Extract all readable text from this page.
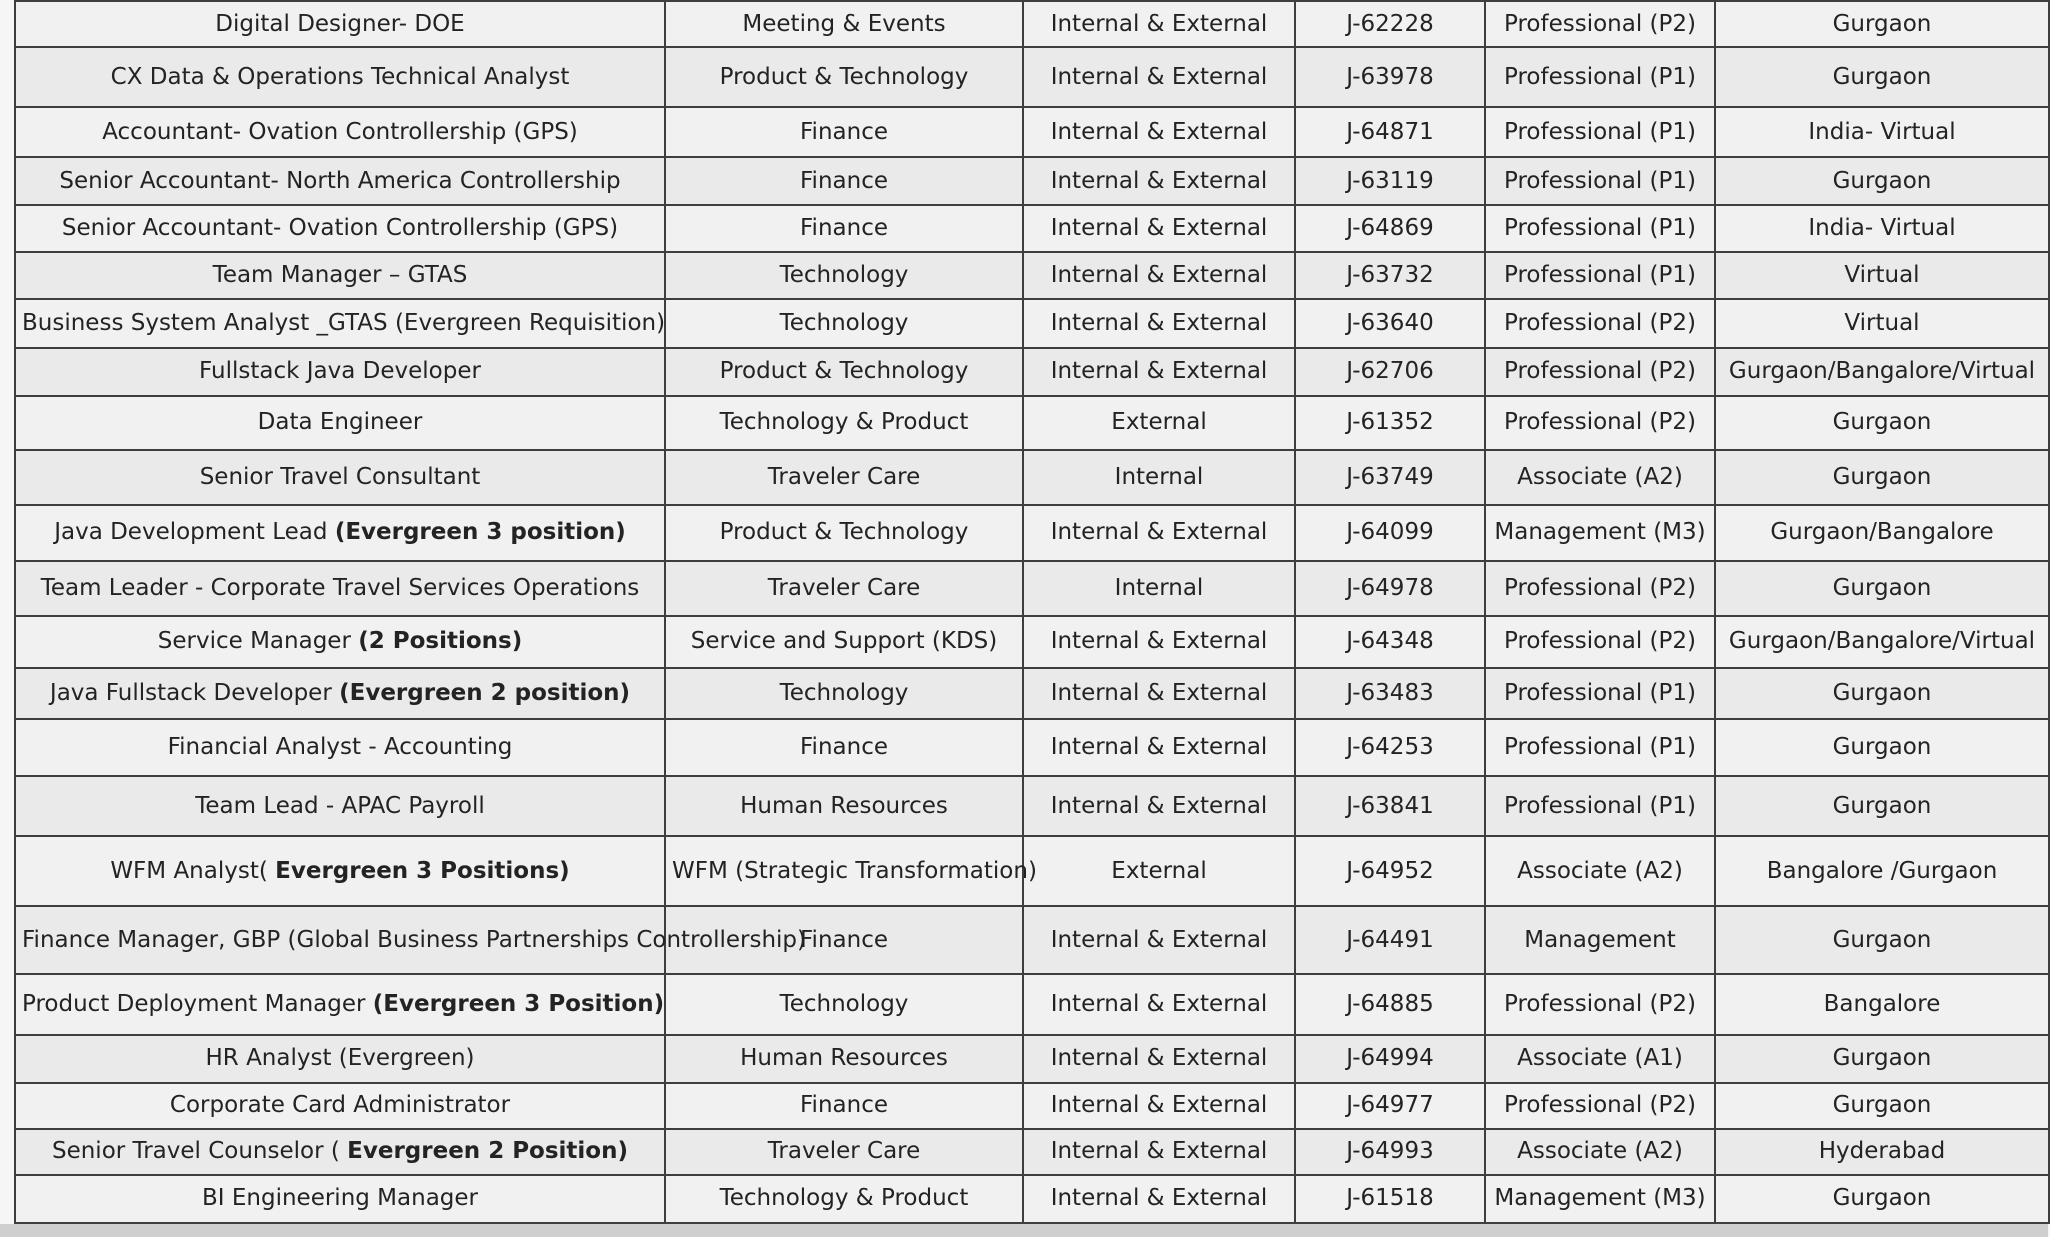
Digital Designer- DOE	Meeting & Events	Internal & External	J-62228	Professional (P2)	Gurgaon
CX Data & Operations Technical Analyst	Product & Technology	Internal & External	J-63978	Professional (P1)	Gurgaon
Accountant- Ovation Controllership (GPS)	Finance	Internal & External	J-64871	Professional (P1)	India- Virtual
Senior Accountant- North America Controllership	Finance	Internal & External	J-63119	Professional (P1)	Gurgaon
Senior Accountant- Ovation Controllership (GPS)	Finance	Internal & External	J-64869	Professional (P1)	India- Virtual
Team Manager – GTAS	Technology	Internal & External	J-63732	Professional (P1)	Virtual
Business System Analyst _GTAS (Evergreen Requisition)	Technology	Internal & External	J-63640	Professional (P2)	Virtual
Fullstack Java Developer	Product & Technology	Internal & External	J-62706	Professional (P2)	Gurgaon/Bangalore/Virtual
Data Engineer	Technology & Product	External	J-61352	Professional (P2)	Gurgaon
Senior Travel Consultant	Traveler Care	Internal	J-63749	Associate (A2)	Gurgaon
Java Development Lead (Evergreen 3 position)	Product & Technology	Internal & External	J-64099	Management (M3)	Gurgaon/Bangalore
Team Leader - Corporate Travel Services Operations	Traveler Care	Internal	J-64978	Professional (P2)	Gurgaon
Service Manager (2 Positions)	Service and Support (KDS)	Internal & External	J-64348	Professional (P2)	Gurgaon/Bangalore/Virtual
Java Fullstack Developer (Evergreen 2 position)	Technology	Internal & External	J-63483	Professional (P1)	Gurgaon
Financial Analyst - Accounting	Finance	Internal & External	J-64253	Professional (P1)	Gurgaon
Team Lead - APAC Payroll	Human Resources	Internal & External	J-63841	Professional (P1)	Gurgaon
WFM Analyst( Evergreen 3 Positions)	WFM (Strategic Transformation)	External	J-64952	Associate (A2)	Bangalore /Gurgaon
Finance Manager, GBP (Global Business Partnerships Controllership)	Finance	Internal & External	J-64491	Management	Gurgaon
Product Deployment Manager (Evergreen 3 Position)	Technology	Internal & External	J-64885	Professional (P2)	Bangalore
HR Analyst (Evergreen)	Human Resources	Internal & External	J-64994	Associate (A1)	Gurgaon
Corporate Card Administrator	Finance	Internal & External	J-64977	Professional (P2)	Gurgaon
Senior Travel Counselor ( Evergreen 2 Position)	Traveler Care	Internal & External	J-64993	Associate (A2)	Hyderabad
BI Engineering Manager	Technology & Product	Internal & External	J-61518	Management (M3)	Gurgaon
